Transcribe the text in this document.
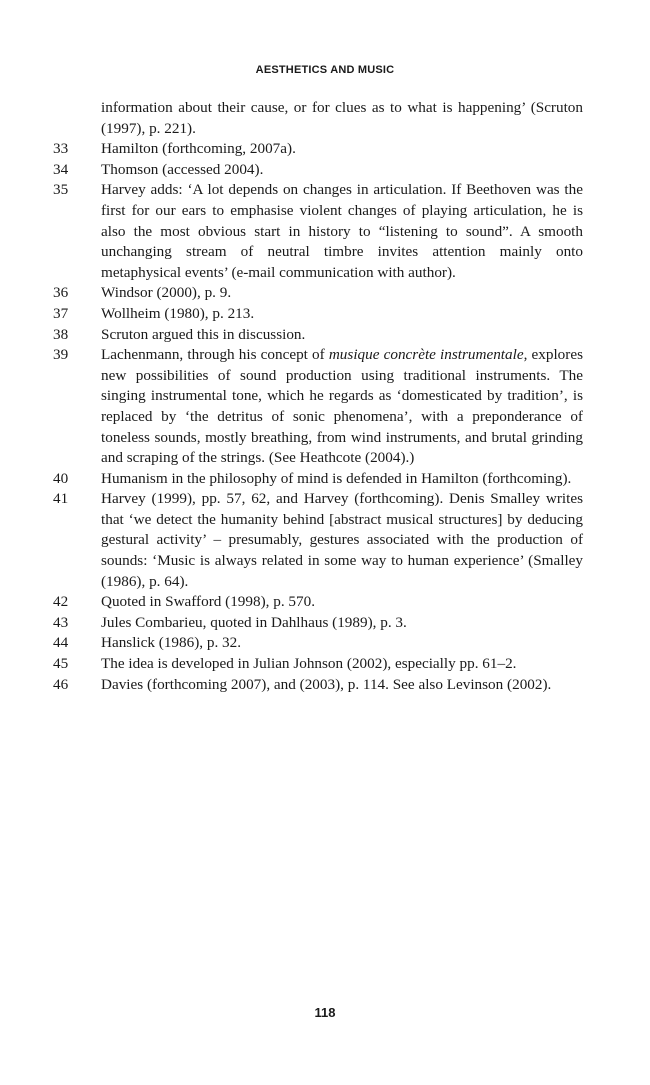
AESTHETICS AND MUSIC
information about their cause, or for clues as to what is happening’ (Scruton (1997), p. 221).
33	Hamilton (forthcoming, 2007a).
34	Thomson (accessed 2004).
35	Harvey adds: ‘A lot depends on changes in articulation. If Beethoven was the first for our ears to emphasise violent changes of playing articulation, he is also the most obvious start in history to “listening to sound”. A smooth unchanging stream of neutral timbre invites attention mainly onto metaphysical events’ (e-mail communication with author).
36	Windsor (2000), p. 9.
37	Wollheim (1980), p. 213.
38	Scruton argued this in discussion.
39	Lachenmann, through his concept of musique concrète instrumentale, explores new possibilities of sound production using traditional instruments. The singing instrumental tone, which he regards as ‘domesticated by tradition’, is replaced by ‘the detritus of sonic phenomena’, with a preponderance of toneless sounds, mostly breathing, from wind instruments, and brutal grinding and scraping of the strings. (See Heathcote (2004).)
40	Humanism in the philosophy of mind is defended in Hamilton (forthcoming).
41	Harvey (1999), pp. 57, 62, and Harvey (forthcoming). Denis Smalley writes that ‘we detect the humanity behind [abstract musical structures] by deducing gestural activity’ – presumably, gestures associated with the production of sounds: ‘Music is always related in some way to human experience’ (Smalley (1986), p. 64).
42	Quoted in Swafford (1998), p. 570.
43	Jules Combarieu, quoted in Dahlhaus (1989), p. 3.
44	Hanslick (1986), p. 32.
45	The idea is developed in Julian Johnson (2002), especially pp. 61–2.
46	Davies (forthcoming 2007), and (2003), p. 114. See also Levinson (2002).
118
